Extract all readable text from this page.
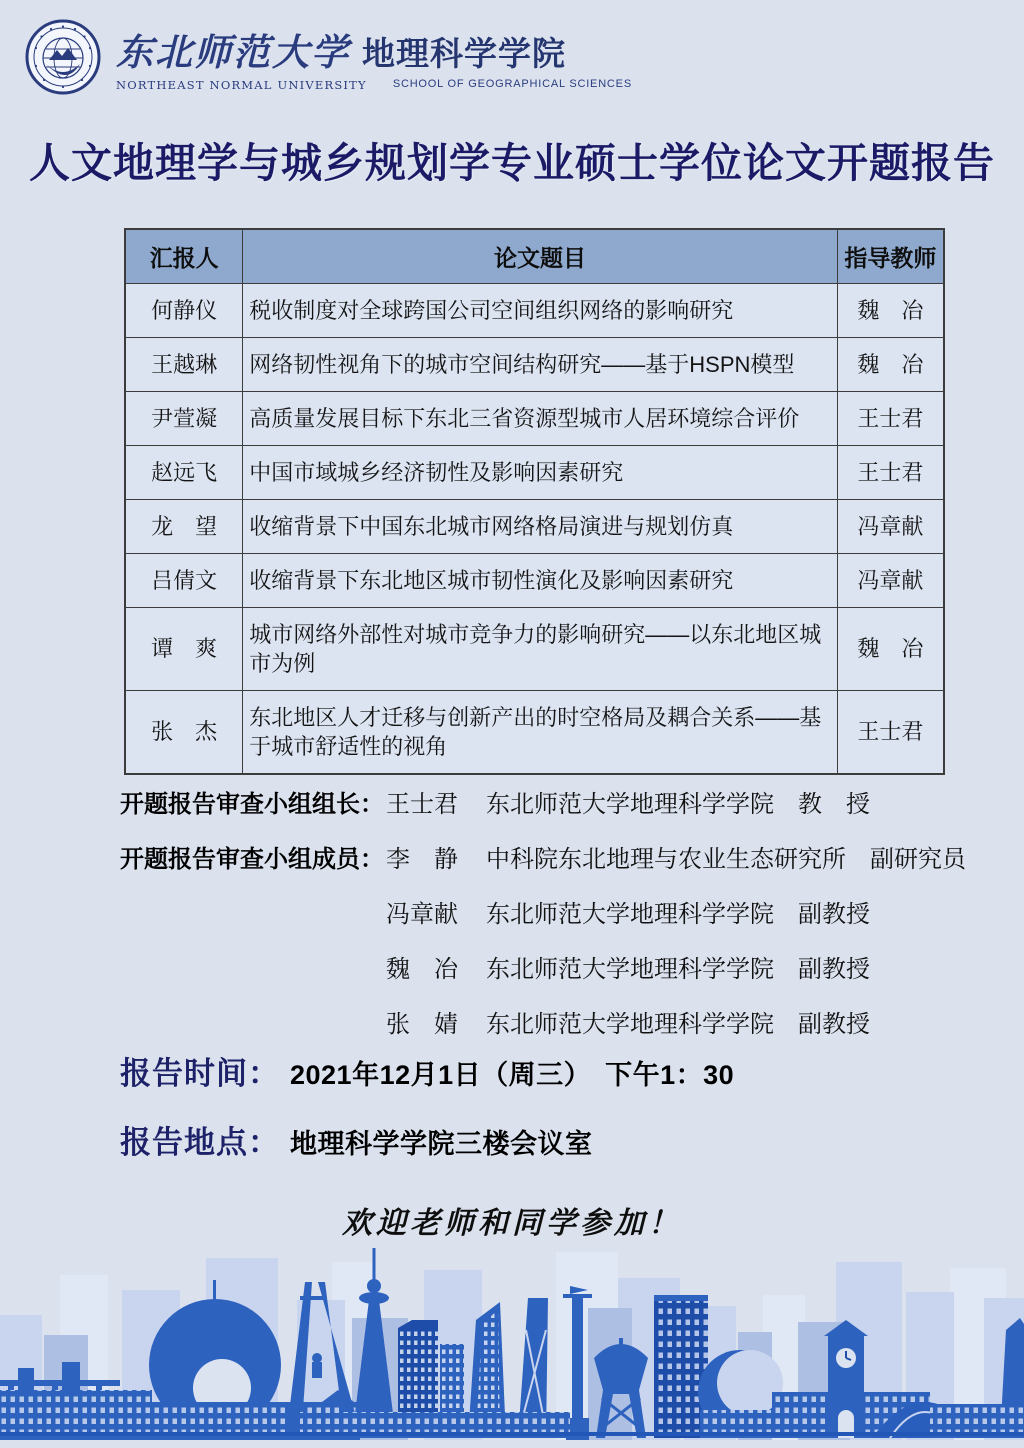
东北师范大学 地理科学学院
NORTHEAST NORMAL UNIVERSITY SCHOOL OF GEOGRAPHICAL SCIENCES
人文地理学与城乡规划学专业硕士学位论文开题报告
汇报人	论文题目	指导教师
何静仪	税收制度对全球跨国公司空间组织网络的影响研究	魏　冶
王越琳	网络韧性视角下的城市空间结构研究——基于HSPN模型	魏　冶
尹萱凝	高质量发展目标下东北三省资源型城市人居环境综合评价	王士君
赵远飞	中国市域城乡经济韧性及影响因素研究	王士君
龙　望	收缩背景下中国东北城市网络格局演进与规划仿真	冯章献
吕倩文	收缩背景下东北地区城市韧性演化及影响因素研究	冯章献
谭　爽	城市网络外部性对城市竞争力的影响研究——以东北地区城市为例	魏　冶
张　杰	东北地区人才迁移与创新产出的时空格局及耦合关系——基于城市舒适性的视角	王士君
开题报告审查小组组长： 王士君	东北师范大学地理科学学院 教　授
开题报告审查小组成员： 李　静	中科院东北地理与农业生态研究所 副研究员
冯章献	东北师范大学地理科学学院 副教授
魏　冶	东北师范大学地理科学学院 副教授
张　婧	东北师范大学地理科学学院 副教授
报告时间： 2021年12月1日（周三）　下午1：30
报告地点： 地理科学学院三楼会议室
欢迎老师和同学参加！
